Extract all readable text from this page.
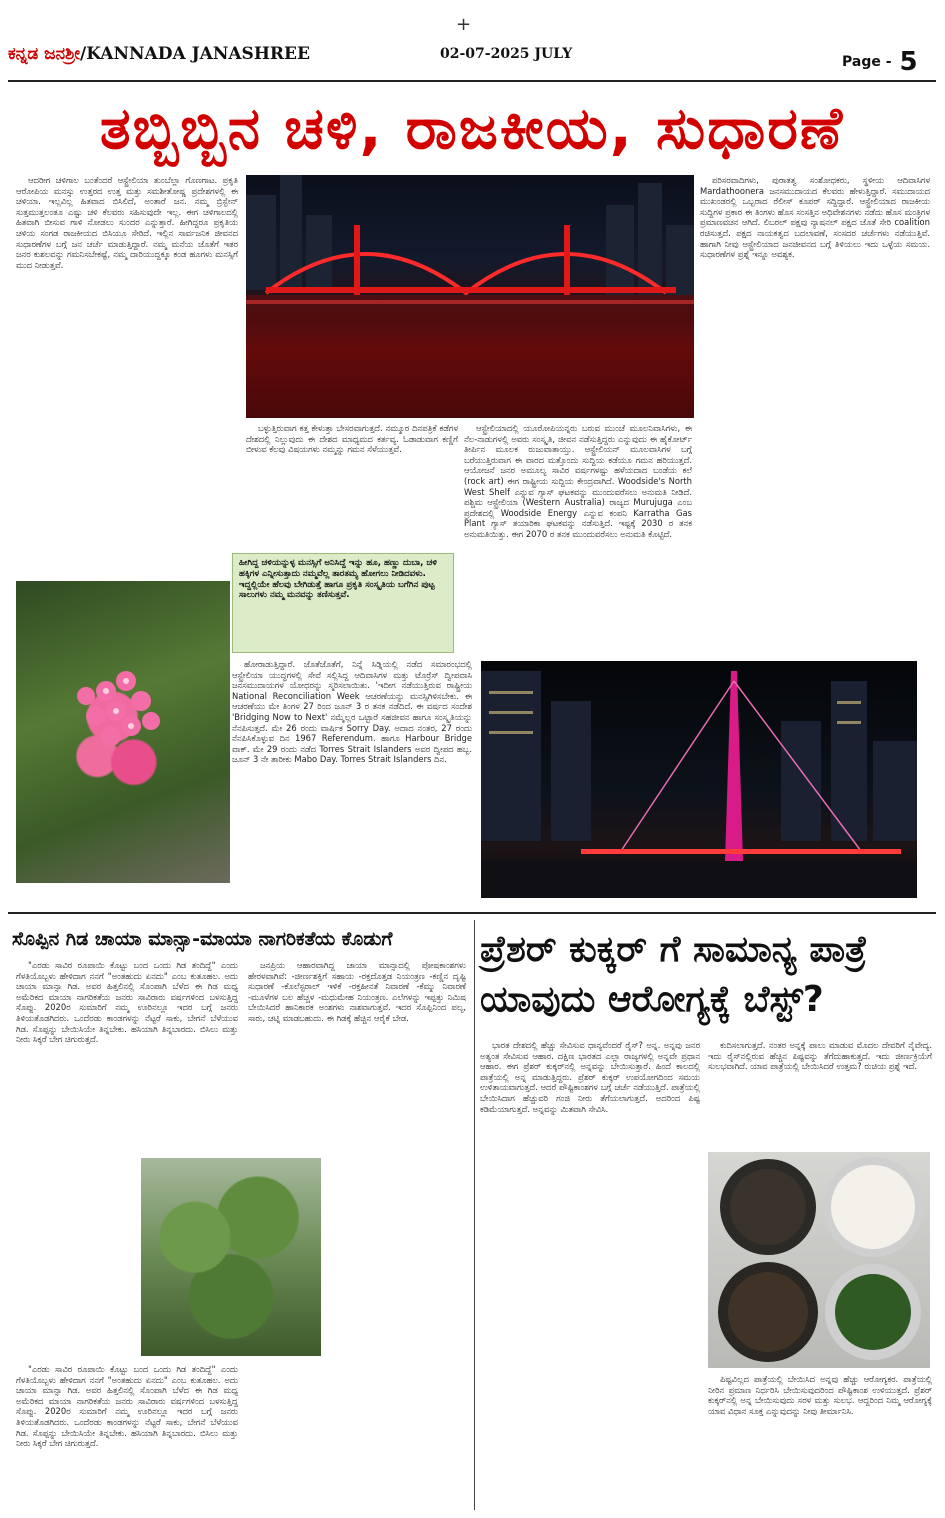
+
ಕನ್ನಡ ಜನಶ್ರೀ/KANNADA JANASHREE	02-07-2025 JULY	Page - 5
ತಬ್ಬಿಬ್ಬಿನ ಚಳಿ, ರಾಜಕೀಯ, ಸುಧಾರಣೆ

ಆದರೀಗ ಚಳಿಗಾಲ ಬಂತೆಂದರೆ ಆಸ್ಟ್ರೇಲಿಯಾ ತುಂಬೆಲ್ಲಾ ಗೊಣಗಾಟ. ಪ್ರಕೃತಿ ಆರೋಪಿಯ ಮನಸ್ಸು ಉತ್ತರದ ಉತ್ತ ಮತ್ತು ಸಮಶೀತೋಷ್ಣ ಪ್ರದೇಶಗಳಲ್ಲಿ ಈ ಚಳಿಯಾ. ಇಲ್ಲವಿಲ್ಲ ಹಿತವಾದ ಬಿಸಿಲಿದೆ, ಅಂತಾರೆ ಜನ. ನಮ್ಮ ಬ್ರಿಸ್ಬೇನ್ ಸುತ್ತಮುತ್ತಲಂತೂ ಎಷ್ಟು ಚಳಿ ಕೆಲವರು ಸಹಿಸುವುದೇ ಇಲ್ಲ. ಈಗ ಚಳಿಗಾಲದಲ್ಲಿ ಹಿತವಾಗಿ ಬೀಸುವ ಗಾಳಿ ನೋಡಲು ಸುಂದರ ಎನ್ನುತ್ತಾರೆ. ಹೀಗಿದ್ದರೂ ಪ್ರಕೃತಿಯ ಚಳಿಯ ಸಂಗಡ ರಾಜಕೀಯದ ಬಿಸಿಯೂ ಸೇರಿದೆ. ಇಲ್ಲಿನ ಸಾರ್ವಜನಿಕ ಜೀವನದ ಸುಧಾರಣೆಗಳ ಬಗ್ಗೆ ಜನ ಚರ್ಚೆ ಮಾಡುತ್ತಿದ್ದಾರೆ. ನಮ್ಮ ಮನೆಯ ಜೊತೆಗೆ ಇತರ ಜನರ ಕುಶಲವನ್ನು ಗಮನಿಸಬೇಕಷ್ಟೆ, ನಮ್ಮ ದಾರಿಯುದ್ದಕ್ಕೂ ಕಂಡ ಹೂಗಳು ಮನಸ್ಸಿಗೆ ಮುದ ನೀಡುತ್ತವೆ.

ಬಳ್ಳುತ್ತಿರುವಾಗ ಕತ್ತ ಕೇಳುತ್ತಾ ಬೇಸರವಾಗುತ್ತದೆ. ನಮ್ಮೂರ ದಿನಪತ್ರಿಕೆ ಕಡೆಗಳ ದೇಶದಲ್ಲಿ ನಿಲ್ಲುವುದು ಈ ದೇಶದ ಮಾಧ್ಯಮದ ಕರ್ತವ್ಯ. ಓಡಾಡುವಾಗ ಕಣ್ಣಿಗೆ ಬೀಳುವ ಕೆಲವು ವಿಷಯಗಳು ನಮ್ಮನ್ನು ಗಮನ ಸೆಳೆಯುತ್ತವೆ.

ಹೀಗಿದ್ದ ಚಳಿಯನ್ನುಳ್ಳ ಮನಸ್ಸಿಗೆ ಅನಿಸಿದ್ದೆ ಇನ್ನು ಹೂ, ಹಣ್ಣು ದುಬಾ, ಚಳಿ ಹಕ್ಕಿಗಳ ಎನ್ನೀಸುತ್ತಾದು ನಮ್ಮವೆಲ್ಲ ತಾರತಮ್ಯ ಹೋಗಲು ನೀಡಿದವಳು. ಇದ್ದಲ್ಲಿಯೇ ಹೆಲವು ಬೇಗಿಡುತ್ತೆ ಹಾಗೂ ಪ್ರಕೃತಿ ಸಂಸ್ಕೃತಿಯ ಬಗೆಗಿನ ಪುಟ್ಟ ಸಾಲುಗಳು ನಮ್ಮ ಮನವನ್ನು ತಣಿಸುತ್ತವೆ.

ಹೋರಾಡುತ್ತಿದ್ದಾರೆ. ಜೊತೆಜೊತೆಗೆ, ನಿನ್ನೆ ಸಿಡ್ನಿಯಲ್ಲಿ ನಡೆದ ಸಮಾರಂಭದಲ್ಲಿ ಆಸ್ಟ್ರೇಲಿಯಾ ಯುದ್ಧಗಳಲ್ಲಿ ಸೇವೆ ಸಲ್ಲಿಸಿದ್ದ ಆದಿವಾಸಿಗಳ ಮತ್ತು ಟೊರ್ರೆಸ್ ದ್ವೀಪವಾಸಿ ಜನಸಮುದಾಯಗಳ ಯೋಧರನ್ನು ಸ್ಮರಿಸಲಾಯಿತು. 'ಇದೀಗ ನಡೆಯುತ್ತಿರುವ ರಾಷ್ಟ್ರೀಯ National Reconciliation Week ಆಚರಣೆಯನ್ನು ಮನಸ್ಸಿಗಿಳಿಸಬೇಕು. ಈ ಆಚರಣೆಯು ಮೇ ತಿಂಗಳ 27 ರಿಂದ ಜೂನ್ 3 ರ ತನಕ ನಡೆದಿದೆ. ಈ ವರ್ಷದ ಸಂದೇಶ 'Bridging Now to Next' ನಮ್ಮೆಲ್ಲರ ಒಟ್ಟಾರೆ ಸಹಜೀವನ ಹಾಗೂ ಸಂಸ್ಕೃತಿಯನ್ನು ನೆನಪಿಸುತ್ತದೆ. ಮೇ 26 ರಂದು ವಾರ್ಷಿಕ Sorry Day. ಅದಾದ ನಂತರ, 27 ರಂದು ನೆನಪಿಸಿಕೊಳ್ಳುವ ದಿನ 1967 Referendum. ಹಾಗೂ Harbour Bridge ವಾಕ್. ಮೇ 29 ರಂದು ನಡೆದ Torres Strait Islanders ಅವರ ದ್ವೀಪದ ಹಬ್ಬ. ಜೂನ್ 3 ನೇ ತಾರೀಕು Mabo Day. Torres Strait Islanders ದಿನ.

ಆಸ್ಟ್ರೇಲಿಯಾದಲ್ಲಿ ಯೂರೋಪಿಯನ್ನರು ಬರುವ ಮುಂಚೆ ಮೂಲನಿವಾಸಿಗಳು, ಈ ನೆಲ-ನಾಡುಗಳಲ್ಲಿ ಅವರು ಸಂಸ್ಕೃತಿ, ಜೀವನ ನಡೆಸುತ್ತಿದ್ದರು ಎನ್ನುವುದು ಈ ಹೈಕೋರ್ಟ್ ತೀರ್ಪಿನ ಮೂಲಕ ರುಜುವಾತಾಯ್ತು. ಆಸ್ಟ್ರೇಲಿಯನ್ ಮೂಲವಾಸಿಗಳ ಬಗ್ಗೆ ಬರೆಯುತ್ತಿರುವಾಗ ಈ ವಾರದ ಮತ್ತೊಂದು ಸುದ್ದಿಯ ಕಡೆಯೂ ಗಮನ ಹರಿಯುತ್ತದೆ. ಆಯೋಜನೆ ಜನರ ಅಮೂಲ್ಯ ಸಾವಿರ ವರ್ಷಗಳಷ್ಟು ಹಳೆಯದಾದ ಬಂಡೆಯ ಕಲೆ (rock art) ಈಗ ರಾಷ್ಟ್ರೀಯ ಸುದ್ದಿಯ ಕೇಂದ್ರವಾಗಿದೆ. Woodside's North West Shelf ಎನ್ನುವ ಗ್ಯಾಸ್ ಘಟಕವನ್ನು ಮುಂದುವರೆಸಲು ಅನುಮತಿ ನೀಡಿದೆ. ಪಶ್ಚಿಮ ಆಸ್ಟ್ರೇಲಿಯಾ (Western Australia) ರಾಜ್ಯದ Murujuga ಎಂಬ ಪ್ರದೇಶದಲ್ಲಿ Woodside Energy ಎನ್ನುವ ಕಂಪನಿ Karratha Gas Plant ಗ್ಯಾಸ್ ತಯಾರಿಕಾ ಘಟಕವನ್ನು ನಡೆಸುತ್ತಿದೆ. ಇಷ್ಟಕ್ಕೆ 2030 ರ ತನಕ ಅನುಮತಿಯಿತ್ತು. ಈಗ 2070 ರ ತನಕ ಮುಂದುವರೆಸಲು ಅನುಮತಿ ಕೊಟ್ಟಿದೆ.

ಪರಿಸರವಾದಿಗಳು, ಪುರಾತತ್ವ ಸಂಶೋಧಕರು, ಸ್ಥಳೀಯ ಆದಿವಾಸಿಗಳ Mardathoonera ಜನಸಮುದಾಯದ ಕೆಲವರು ಹೇಳುತ್ತಿದ್ದಾರೆ. ಸಮುದಾಯದ ಮುಖಂಡರಲ್ಲಿ ಒಬ್ಬರಾದ ರೆಲೀಸ್ ಕೂಪರ್ ಸದ್ದಿದ್ದಾರೆ. ಆಸ್ಟ್ರೇಲಿಯಾದ ರಾಜಕೀಯ ಸುದ್ದಿಗಳ ಪ್ರಕಾರ ಈ ತಿಂಗಳು ಹೊಸ ಸಂಸತ್ತಿನ ಅಧಿವೇಶನಗಳು ನಡೆದು ಹೊಸ ಮಂತ್ರಿಗಳ ಪ್ರಮಾಣವಚನ ಆಗಿದೆ. ಲಿಬರಲ್ ಪಕ್ಷವು ನ್ಯಾಷನಲ್ ಪಕ್ಷದ ಜೊತೆ ಸೇರಿ coalition ರಚಿಸುತ್ತದೆ. ಪಕ್ಷದ ನಾಯಕತ್ವದ ಬದಲಾವಣೆ, ಸಂಸದರ ಚರ್ಚೆಗಳು ನಡೆಯುತ್ತಿವೆ. ಹಾಗಾಗಿ ನೀವು ಆಸ್ಟ್ರೇಲಿಯಾದ ಜನಜೀವನದ ಬಗ್ಗೆ ತಿಳಿಯಲು ಇದು ಒಳ್ಳೆಯ ಸಮಯ. ಸುಧಾರಣೆಗಳ ಪ್ರಶ್ನೆ ಇನ್ನೂ ಅವಶ್ಯಕ.

ಸೊಪ್ಪಿನ ಗಿಡ ಚಾಯಾ ಮಾನ್ಸಾ-ಮಾಯಾ ನಾಗರಿಕತೆಯ ಕೊಡುಗೆ

"ಎರಡು ಸಾವಿರ ರೂಪಾಯಿ ಕೊಟ್ಟು ಬಂದ ಒಂದು ಗಿಡ ತಂದಿದ್ದೆ" ಎಂದು ಗೆಳತಿಯೊಬ್ಬಳು ಹೇಳಿದಾಗ ನನಗೆ "ಅಂತಹುದು ಏನದು" ಎಂಬ ಕುತೂಹಲ. ಅದು ಚಾಯಾ ಮಾನ್ಸಾ ಗಿಡ. ಅವರ ಹಿತ್ತಲಿನಲ್ಲಿ ಸೊಂಪಾಗಿ ಬೆಳೆದ ಈ ಗಿಡ ಮಧ್ಯ ಅಮೆರಿಕದ ಮಾಯಾ ನಾಗರಿಕತೆಯ ಜನರು ಸಾವಿರಾರು ವರ್ಷಗಳಿಂದ ಬಳಸುತ್ತಿದ್ದ ಸೊಪ್ಪು. 2020ರ ಸುಮಾರಿಗೆ ನಮ್ಮ ಊರಿನಲ್ಲೂ ಇದರ ಬಗ್ಗೆ ಜನರು ತಿಳಿಯತೊಡಗಿದರು. ಒಂದೆರಡು ಕಾಂಡಗಳನ್ನು ನೆಟ್ಟರೆ ಸಾಕು, ಬೇಗನೆ ಬೆಳೆಯುವ ಗಿಡ. ಸೊಪ್ಪನ್ನು ಬೇಯಿಸಿಯೇ ತಿನ್ನಬೇಕು. ಹಸಿಯಾಗಿ ತಿನ್ನಬಾರದು. ಬಿಸಿಲು ಮತ್ತು ನೀರು ಸಿಕ್ಕರೆ ಬೇಗ ಚಿಗುರುತ್ತದೆ.

ಜನಪ್ರಿಯ ಆಹಾರವಾಗಿದ್ದ ಚಾಯಾ ಮಾನ್ಸಾದಲ್ಲಿ ಪೋಷಕಾಂಶಗಳು ಹೇರಳವಾಗಿವೆ: -ಜೀರ್ಣಶಕ್ತಿಗೆ ಸಹಾಯ -ರಕ್ತದೊತ್ತಡ ನಿಯಂತ್ರಣ -ಕಣ್ಣಿನ ದೃಷ್ಟಿ ಸುಧಾರಣೆ -ಕೊಲೆಸ್ಟರಾಲ್ ಇಳಿಕೆ -ರಕ್ತಹೀನತೆ ನಿವಾರಣೆ -ಕೆಮ್ಮು ನಿವಾರಣೆ -ಮೂಳೆಗಳ ಬಲ ಹೆಚ್ಚಳ -ಮಧುಮೇಹ ನಿಯಂತ್ರಣ. ಎಲೆಗಳನ್ನು ಇಪ್ಪತ್ತು ನಿಮಿಷ ಬೇಯಿಸಿದರೆ ಹಾನಿಕಾರಕ ಅಂಶಗಳು ನಾಶವಾಗುತ್ತವೆ. ಇದರ ಸೊಪ್ಪಿನಿಂದ ಪಲ್ಯ, ಸಾರು, ಚಟ್ನಿ ಮಾಡಬಹುದು. ಈ ಗಿಡಕ್ಕೆ ಹೆಚ್ಚಿನ ಆರೈಕೆ ಬೇಡ.

"ಎರಡು ಸಾವಿರ ರೂಪಾಯಿ ಕೊಟ್ಟು ಬಂದ ಒಂದು ಗಿಡ ತಂದಿದ್ದೆ" ಎಂದು ಗೆಳತಿಯೊಬ್ಬಳು ಹೇಳಿದಾಗ ನನಗೆ "ಅಂತಹುದು ಏನದು" ಎಂಬ ಕುತೂಹಲ. ಅದು ಚಾಯಾ ಮಾನ್ಸಾ ಗಿಡ. ಅವರ ಹಿತ್ತಲಿನಲ್ಲಿ ಸೊಂಪಾಗಿ ಬೆಳೆದ ಈ ಗಿಡ ಮಧ್ಯ ಅಮೆರಿಕದ ಮಾಯಾ ನಾಗರಿಕತೆಯ ಜನರು ಸಾವಿರಾರು ವರ್ಷಗಳಿಂದ ಬಳಸುತ್ತಿದ್ದ ಸೊಪ್ಪು. 2020ರ ಸುಮಾರಿಗೆ ನಮ್ಮ ಊರಿನಲ್ಲೂ ಇದರ ಬಗ್ಗೆ ಜನರು ತಿಳಿಯತೊಡಗಿದರು. ಒಂದೆರಡು ಕಾಂಡಗಳನ್ನು ನೆಟ್ಟರೆ ಸಾಕು, ಬೇಗನೆ ಬೆಳೆಯುವ ಗಿಡ. ಸೊಪ್ಪನ್ನು ಬೇಯಿಸಿಯೇ ತಿನ್ನಬೇಕು. ಹಸಿಯಾಗಿ ತಿನ್ನಬಾರದು. ಬಿಸಿಲು ಮತ್ತು ನೀರು ಸಿಕ್ಕರೆ ಬೇಗ ಚಿಗುರುತ್ತದೆ.

ಪ್ರೆಶರ್ ಕುಕ್ಕರ್ ಗೆ ಸಾಮಾನ್ಯ ಪಾತ್ರೆ ಯಾವುದು ಆರೋಗ್ಯಕ್ಕೆ ಬೆಸ್ಟ್?

ಭಾರತ ದೇಶದಲ್ಲಿ ಹೆಚ್ಚು ಸೇವಿಸುವ ಧಾನ್ಯವೆಂದರೆ ರೈಸ್? ಅನ್ನ. ಅನ್ನವು ಜನರ ಅತ್ಯಂತ ಸೇವಿಸುವ ಆಹಾರ. ದಕ್ಷಿಣ ಭಾರತದ ಎಲ್ಲಾ ರಾಜ್ಯಗಳಲ್ಲಿ ಅನ್ನವೇ ಪ್ರಧಾನ ಆಹಾರ. ಈಗ ಪ್ರೆಶರ್ ಕುಕ್ಕರ್‌ನಲ್ಲಿ ಅನ್ನವನ್ನು ಬೇಯಿಸುತ್ತಾರೆ. ಹಿಂದೆ ಕಾಲದಲ್ಲಿ ಪಾತ್ರೆಯಲ್ಲಿ ಅನ್ನ ಮಾಡುತ್ತಿದ್ದರು. ಪ್ರೆಶರ್ ಕುಕ್ಕರ್ ಉಪಯೋಗದಿಂದ ಸಮಯ ಉಳಿತಾಯವಾಗುತ್ತದೆ. ಆದರೆ ಪೌಷ್ಟಿಕಾಂಶಗಳ ಬಗ್ಗೆ ಚರ್ಚೆ ನಡೆಯುತ್ತಿದೆ. ಪಾತ್ರೆಯಲ್ಲಿ ಬೇಯಿಸಿದಾಗ ಹೆಚ್ಚುವರಿ ಗಂಜಿ ನೀರು ತೆಗೆಯಲಾಗುತ್ತದೆ. ಅದರಿಂದ ಪಿಷ್ಟ ಕಡಿಮೆಯಾಗುತ್ತದೆ. ಅನ್ನವನ್ನು ಮಿತವಾಗಿ ಸೇವಿಸಿ.

ಕುದಿಸಲಾಗುತ್ತದೆ. ನಂತರ ಅನ್ನಕ್ಕೆ ಪಾಲು ಮಾಡುವ ಮೊದಲ ದೇವರಿಗೆ ನೈವೇದ್ಯ. ಇದು ರೈಸ್‌ನಲ್ಲಿರುವ ಹೆಚ್ಚಿನ ಪಿಷ್ಟವನ್ನು ತೆಗೆದುಹಾಕುತ್ತದೆ. ಇದು ಜೀರ್ಣಕ್ರಿಯೆಗೆ ಸುಲಭವಾಗಿದೆ. ಯಾವ ಪಾತ್ರೆಯಲ್ಲಿ ಬೇಯಿಸಿದರೆ ಉತ್ತಮ? ರುಚಿಯ ಪ್ರಶ್ನೆ ಇದೆ.

ಪಿಷ್ಟವಿಲ್ಲದ ಪಾತ್ರೆಯಲ್ಲಿ ಬೇಯಿಸಿದ ಅನ್ನವು ಹೆಚ್ಚು ಆರೋಗ್ಯಕರ. ಪಾತ್ರೆಯಲ್ಲಿ ನೀರಿನ ಪ್ರಮಾಣ ನಿರ್ಧರಿಸಿ ಬೇಯಿಸುವುದರಿಂದ ಪೌಷ್ಟಿಕಾಂಶ ಉಳಿಯುತ್ತದೆ. ಪ್ರೆಶರ್ ಕುಕ್ಕರ್‌ನಲ್ಲಿ ಅನ್ನ ಬೇಯಿಸುವುದು ಸರಳ ಮತ್ತು ಸುಲಭ. ಆದ್ದರಿಂದ ನಿಮ್ಮ ಆರೋಗ್ಯಕ್ಕೆ ಯಾವ ವಿಧಾನ ಸೂಕ್ತ ಎನ್ನುವುದನ್ನು ನೀವು ತೀರ್ಮಾನಿಸಿ.
